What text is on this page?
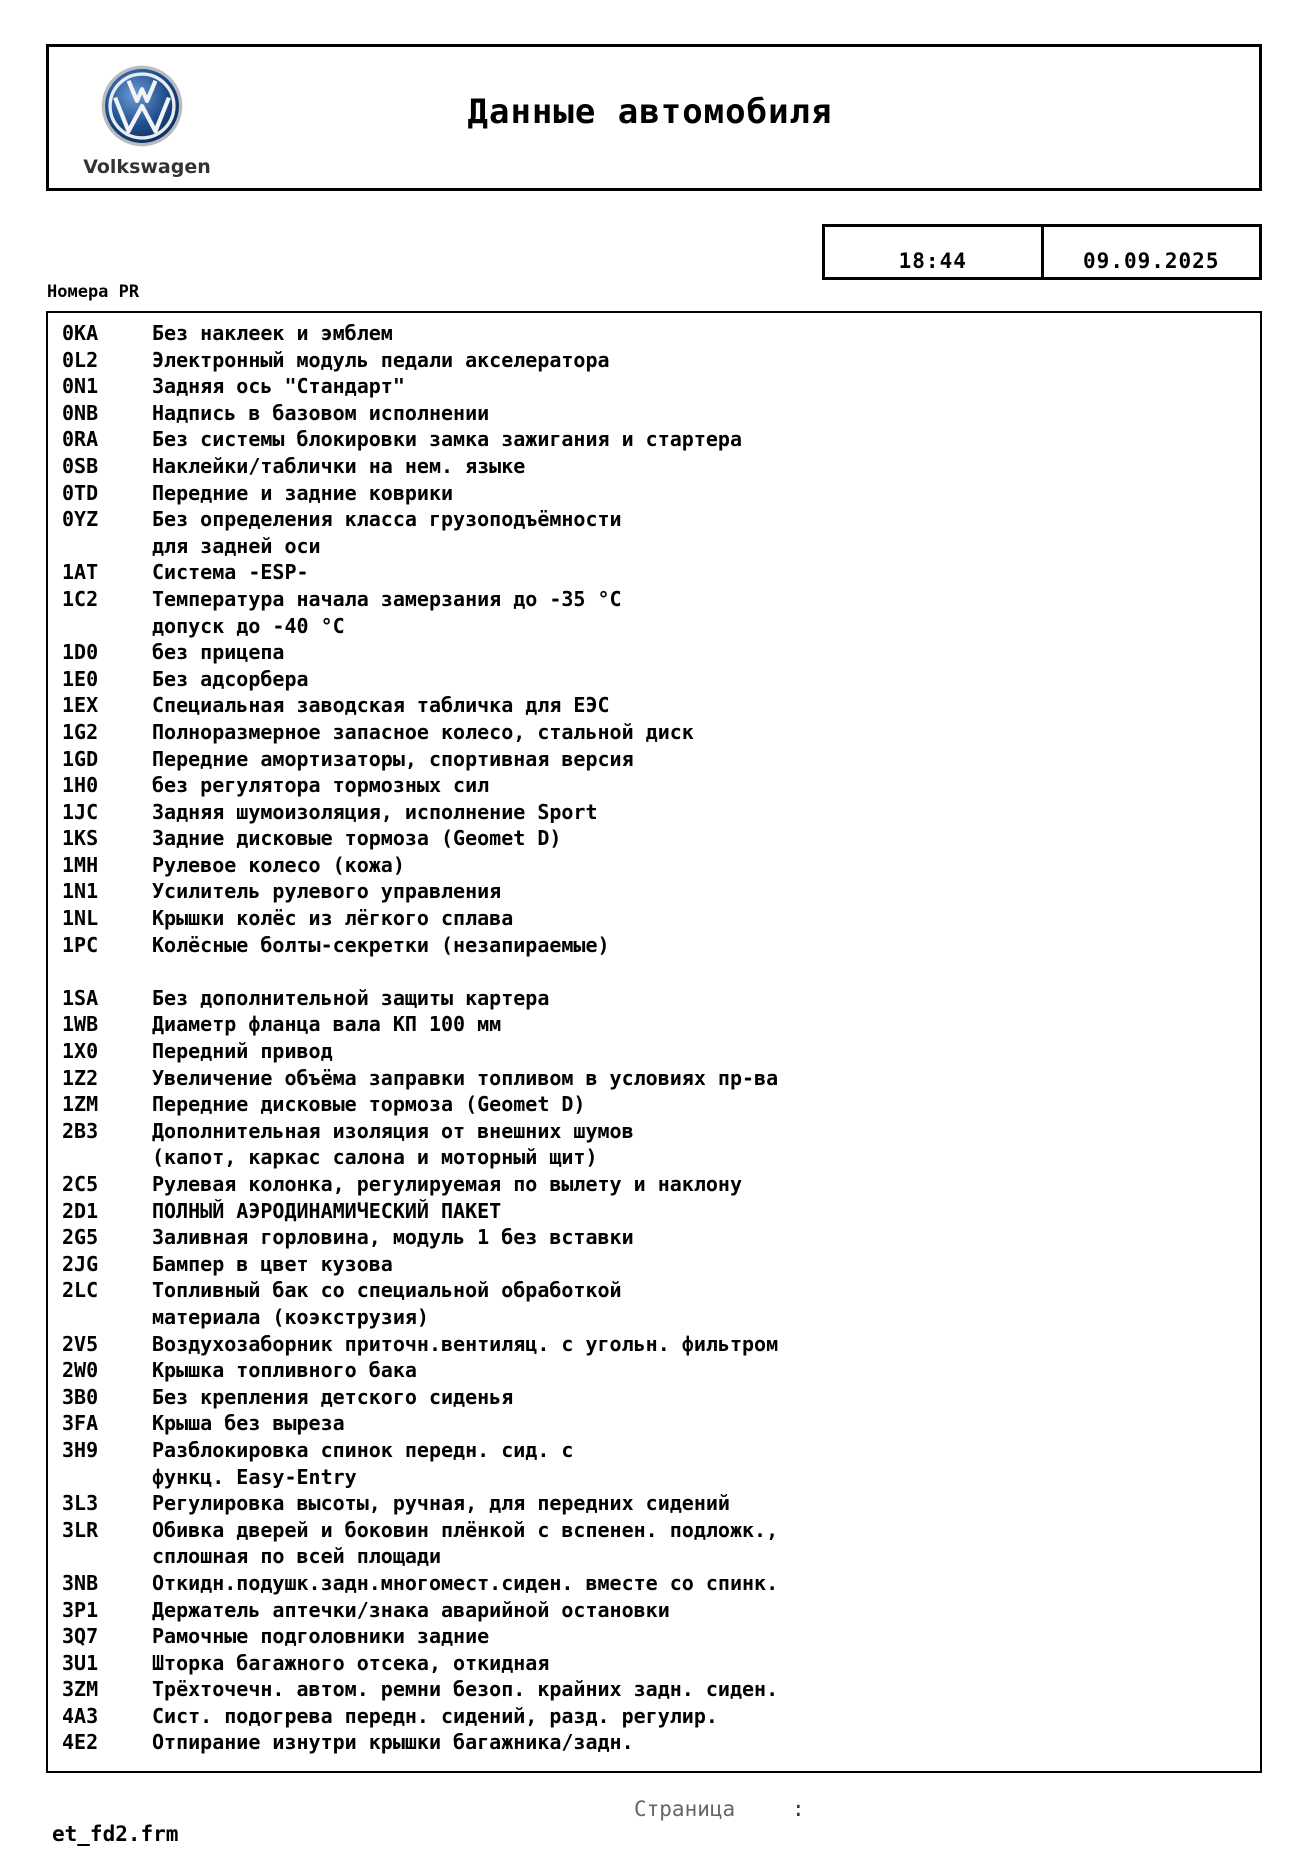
Volkswagen
Данные автомобиля
18:44	09.09.2025
Номера PR
0KA	Без наклеек и эмблем
0L2	Электронный модуль педали акселератора
0N1	Задняя ось "Стандарт"
0NB	Надпись в базовом исполнении
0RA	Без системы блокировки замка зажигания и стартера
0SB	Наклейки/таблички на нем. языке
0TD	Передние и задние коврики
0YZ	Без определения класса грузоподъёмности
для задней оси
1AT	Система -ESP-
1C2	Температура начала замерзания до -35 °C
допуск до -40 °C
1D0	без прицепа
1E0	Без адсорбера
1EX	Специальная заводская табличка для ЕЭС
1G2	Полноразмерное запасное колесо, стальной диск
1GD	Передние амортизаторы, спортивная версия
1H0	без регулятора тормозных сил
1JC	Задняя шумоизоляция, исполнение Sport
1KS	Задние дисковые тормоза (Geomet D)
1MH	Рулевое колесо (кожа)
1N1	Усилитель рулевого управления
1NL	Крышки колёс из лёгкого сплава
1PC	Колёсные болты-секретки (незапираемые)
1SA	Без дополнительной защиты картера
1WB	Диаметр фланца вала КП 100 мм
1X0	Передний привод
1Z2	Увеличение объёма заправки топливом в условиях пр-ва
1ZM	Передние дисковые тормоза (Geomet D)
2B3	Дополнительная изоляция от внешних шумов
(капот, каркас салона и моторный щит)
2C5	Рулевая колонка, регулируемая по вылету и наклону
2D1	ПОЛНЫЙ АЭРОДИНАМИЧЕСКИЙ ПАКЕТ
2G5	Заливная горловина, модуль 1 без вставки
2JG	Бампер в цвет кузова
2LC	Топливный бак со специальной обработкой
материала (коэкструзия)
2V5	Воздухозаборник приточн.вентиляц. с угольн. фильтром
2W0	Крышка топливного бака
3B0	Без крепления детского сиденья
3FA	Крыша без выреза
3H9	Разблокировка спинок передн. сид. с
функц. Easy-Entry
3L3	Регулировка высоты, ручная, для передних сидений
3LR	Обивка дверей и боковин плёнкой с вспенен. подложк.,
сплошная по всей площади
3NB	Откидн.подушк.задн.многомест.сиден. вместе со спинк.
3P1	Держатель аптечки/знака аварийной остановки
3Q7	Рамочные подголовники задние
3U1	Шторка багажного отсека, откидная
3ZM	Трёхточечн. автом. ремни безоп. крайних задн. сиден.
4A3	Сист. подогрева передн. сидений, разд. регулир.
4E2	Отпирание изнутри крышки багажника/задн.
Страница	:
et_fd2.frm
